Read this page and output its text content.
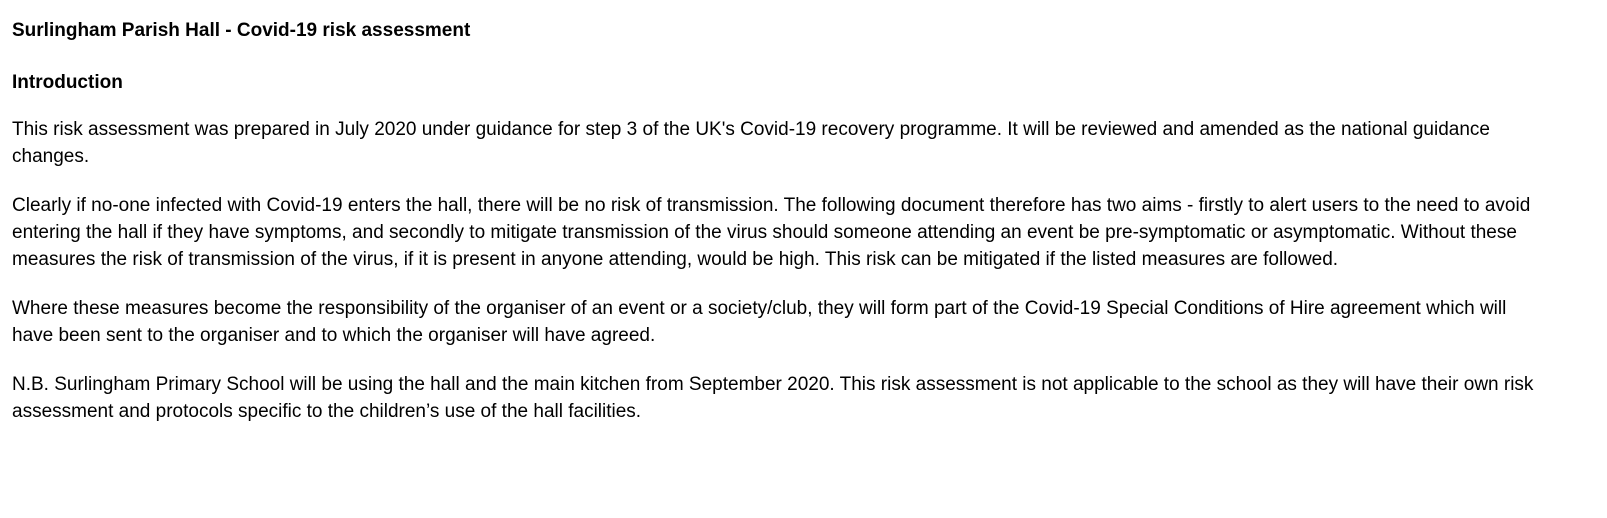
Surlingham Parish Hall - Covid-19 risk assessment
Introduction

This risk assessment was prepared in July 2020 under guidance for step 3 of the UK's Covid-19 recovery programme. It will be reviewed and amended as the national guidance changes.

Clearly if no-one infected with Covid-19 enters the hall, there will be no risk of transmission. The following document therefore has two aims - firstly to alert users to the need to avoid entering the hall if they have symptoms, and secondly to mitigate transmission of the virus should someone attending an event be pre-symptomatic or asymptomatic. Without these measures the risk of transmission of the virus, if it is present in anyone attending, would be high. This risk can be mitigated if the listed measures are followed.

Where these measures become the responsibility of the organiser of an event or a society/club, they will form part of the Covid-19 Special Conditions of Hire agreement which will have been sent to the organiser and to which the organiser will have agreed.

N.B. Surlingham Primary School will be using the hall and the main kitchen from September 2020. This risk assessment is not applicable to the school as they will have their own risk assessment and protocols specific to the children’s use of the hall facilities.
